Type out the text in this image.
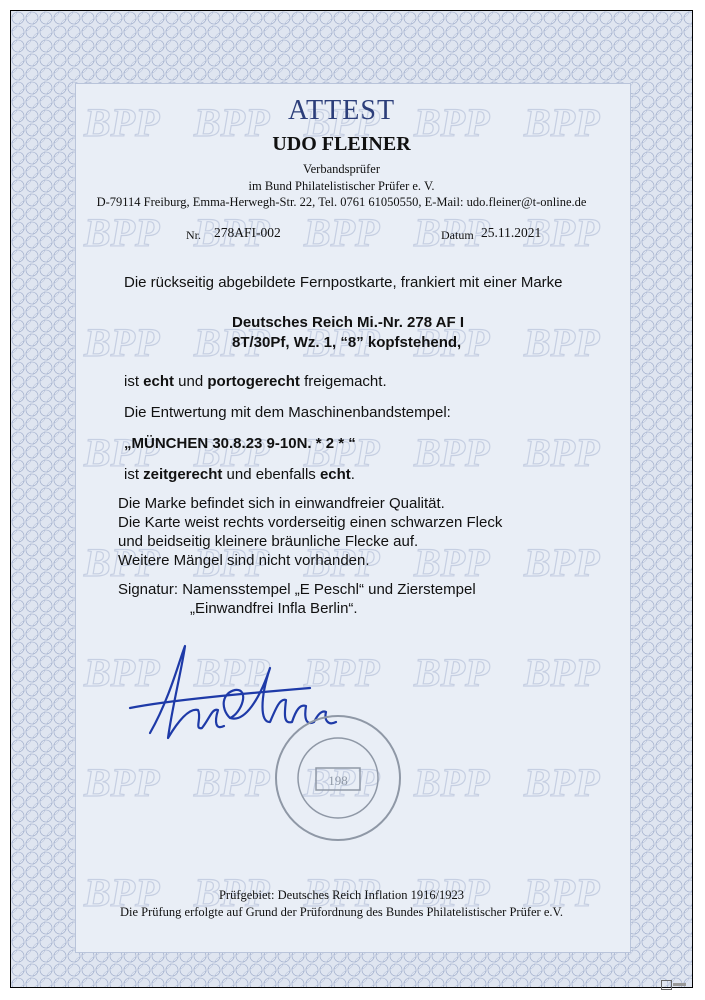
ATTEST
UDO FLEINER
Verbandsprüfer
im Bund Philatelistischer Prüfer e. V.
D-79114 Freiburg, Emma-Herwegh-Str. 22, Tel. 0761 61050550, E-Mail: udo.fleiner@t-online.de
Nr. 278AFI-002	Datum 25.11.2021
Die rückseitig abgebildete Fernpostkarte, frankiert mit einer Marke
Deutsches Reich Mi.-Nr. 278 AF I
8T/30Pf, Wz. 1, “8” kopfstehend,
ist echt und portogerecht freigemacht.
Die Entwertung mit dem Maschinenbandstempel:
„MÜNCHEN 30.8.23 9-10N. * 2 * “
ist zeitgerecht und ebenfalls echt.
Die Marke befindet sich in einwandfreier Qualität.
Die Karte weist rechts vorderseitig einen schwarzen Fleck
und beidseitig kleinere bräunliche Flecke auf.
Weitere Mängel sind nicht vorhanden.
Signatur: Namensstempel „E Peschl“ und Zierstempel
„Einwandfrei Infla Berlin“.
198
Prüfgebiet: Deutsches Reich Inflation 1916/1923
Die Prüfung erfolgte auf Grund der Prüfordnung des Bundes Philatelistischer Prüfer e.V.
